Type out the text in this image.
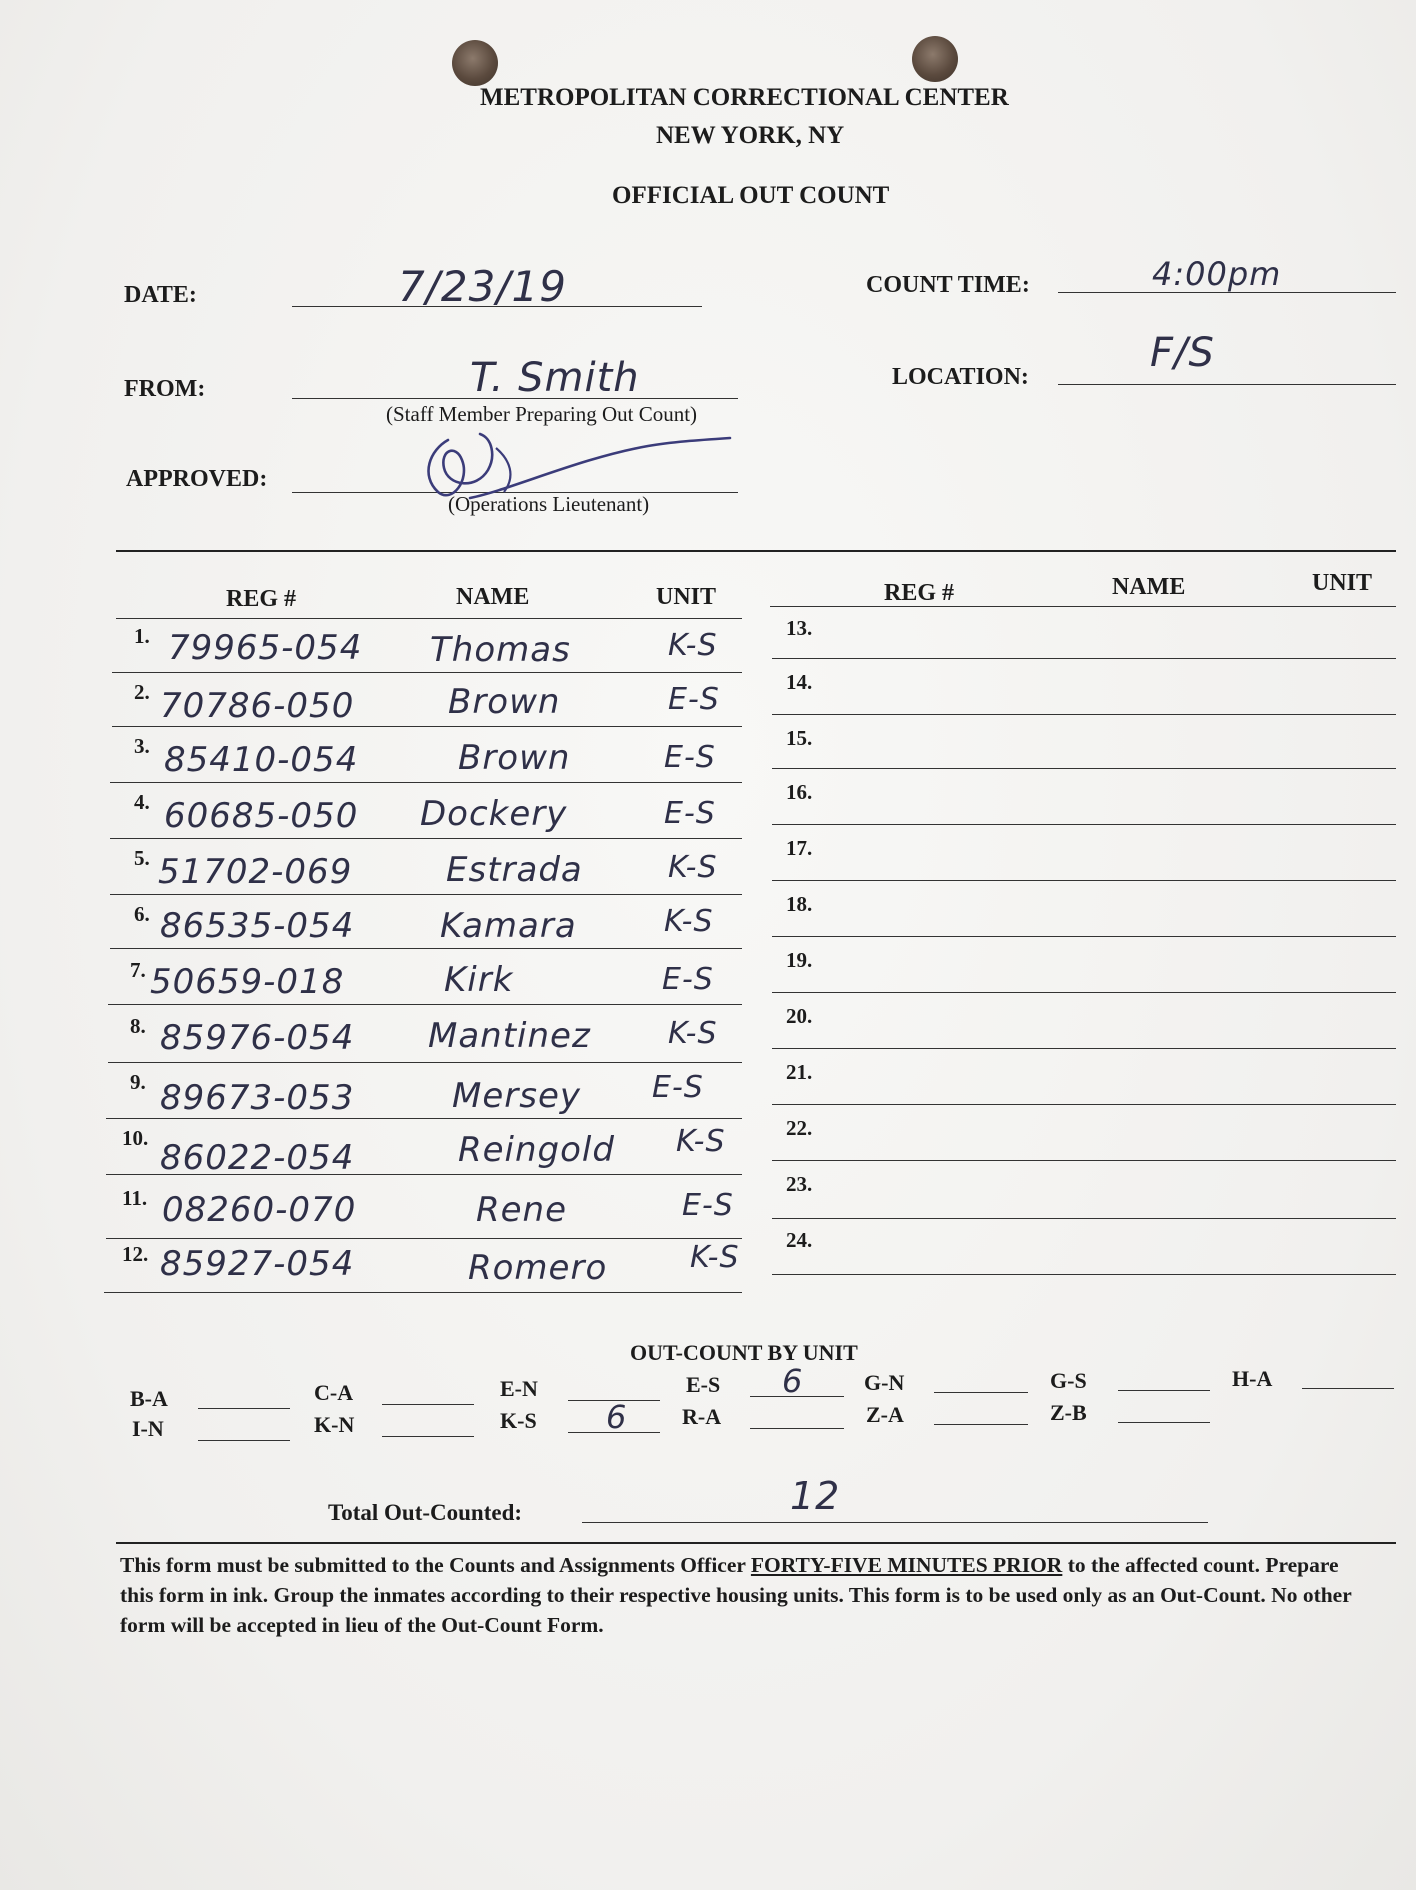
METROPOLITAN CORRECTIONAL CENTER
NEW YORK, NY
OFFICIAL OUT COUNT
DATE:	7/23/19	COUNT TIME:	4:00pm
FROM:	T. Smith
(Staff Member Preparing Out Count)
LOCATION:
F/S
APPROVED:
(Operations Lieutenant)
REG #	NAME	UNIT	REG #	NAME	UNIT
1. 79965-054 Thomas	K-S
2. 70786-050	Brown	E-S
3. 85410-054	Brown	E-S
4. 60685-050 Dockery	E-S
5. 51702-069	Estrada	K-S
6. 86535-054	Kamara	K-S
7. 50659-018	Kirk	E-S
8. 85976-054 Mantinez	K-S
9. 89673-053	Mersey E-S
10. 86022-054	Reingold K-S
11. 08260-070	Rene	E-S
12. 85927-054	Romero	K-S
13.
14.
15.
16.
17.
18.
19.
20.
21.
22.
23.
24.
OUT-COUNT BY UNIT
B-A
I-N
C-A
K-N
E-N
K-S 6
E-S 6
R-A
G-N
Z-A
G-S
Z-B
H-A
Total Out-Counted:	12
This form must be submitted to the Counts and Assignments Officer FORTY-FIVE MINUTES PRIOR to the affected count. Prepare this form in ink. Group the inmates according to their respective housing units. This form is to be used only as an Out-Count. No other form will be accepted in lieu of the Out-Count Form.
